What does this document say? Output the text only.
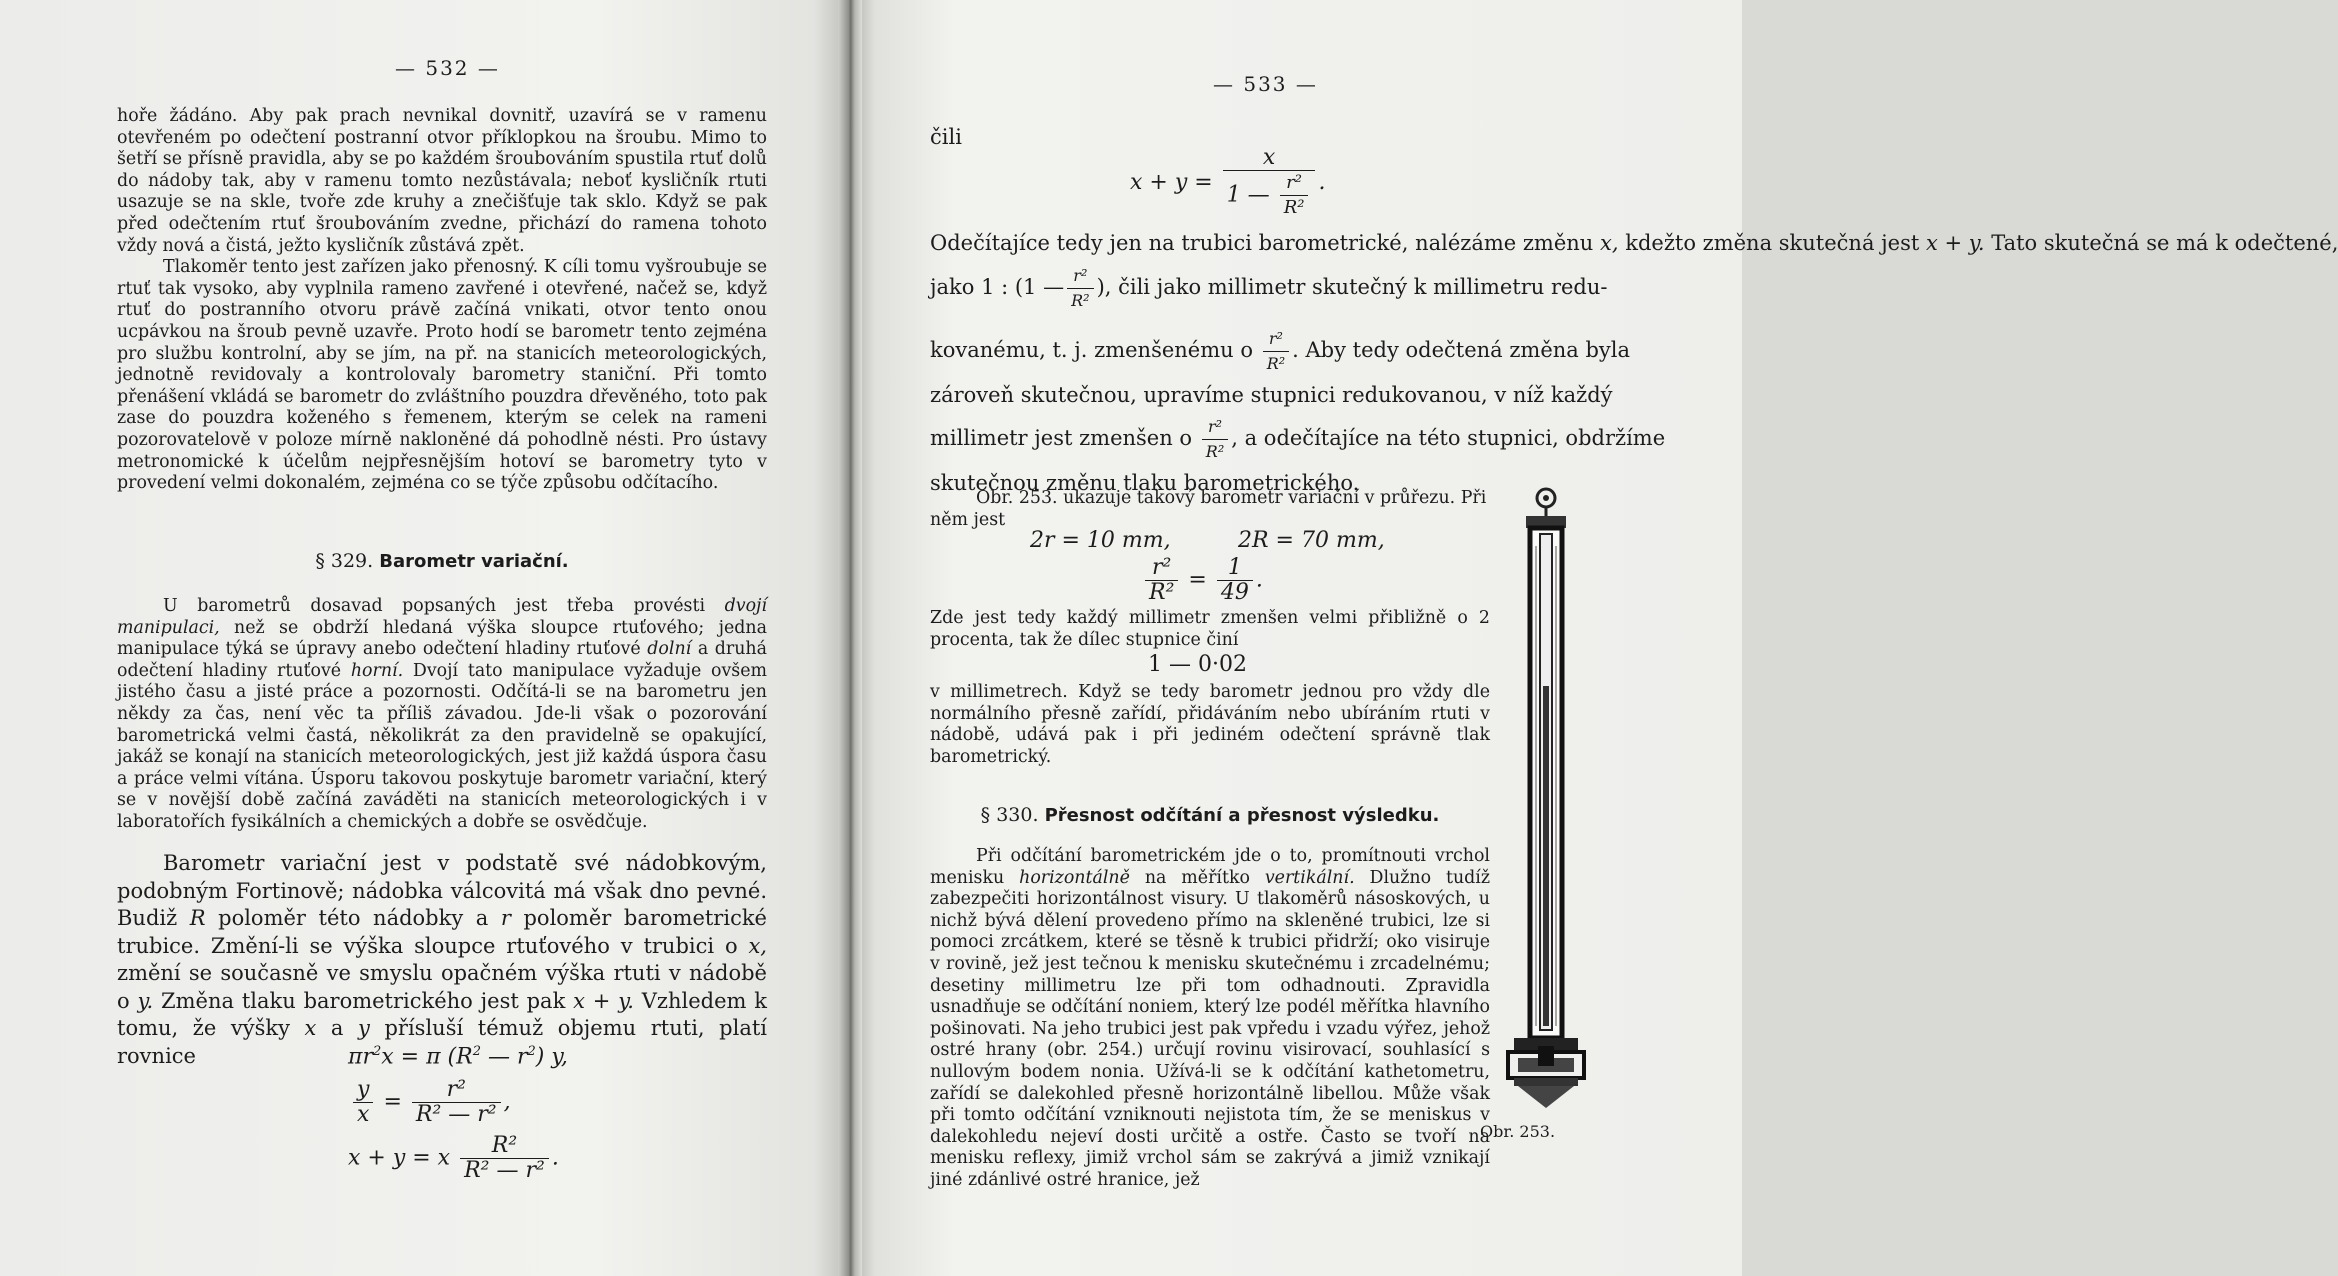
— 532 —

hoře žádáno. Aby pak prach nevnikal dovnitř, uzavírá se v ramenu otevřeném po odečtení postranní otvor příklopkou na šroubu. Mimo to šetří se přísně pravidla, aby se po každém šroubováním spustila rtuť dolů do nádoby tak, aby v ramenu tomto nezůstávala; neboť kysličník rtuti usazuje se na skle, tvoře zde kruhy a znečišťuje tak sklo. Když se pak před odečtením rtuť šroubováním zvedne, přichází do ramena tohoto vždy nová a čistá, ježto kysličník zůstává zpět.

Tlakoměr tento jest zařízen jako přenosný. K cíli tomu vyšroubuje se rtuť tak vysoko, aby vyplnila rameno zavřené i otevřené, načež se, když rtuť do postranního otvoru právě začíná vnikati, otvor tento onou ucpávkou na šroub pevně uzavře. Proto hodí se barometr tento zejména pro službu kontrolní, aby se jím, na př. na stanicích meteorologických, jednotně revidovaly a kontrolovaly barometry staniční. Při tomto přenášení vkládá se barometr do zvláštního pouzdra dřevěného, toto pak zase do pouzdra koženého s řemenem, kterým se celek na rameni pozorovatelově v poloze mírně nakloněné dá pohodlně nésti. Pro ústavy metronomické k účelům nejpřesnějším hotoví se barometry tyto v provedení velmi dokonalém, zejména co se týče způsobu odčítacího.

§ 329. Barometr variační.

U barometrů dosavad popsaných jest třeba provésti dvojí manipulaci, než se obdrží hledaná výška sloupce rtuťového; jedna manipulace týká se úpravy anebo odečtení hladiny rtuťové dolní a druhá odečtení hladiny rtuťové horní. Dvojí tato manipulace vyžaduje ovšem jistého času a jisté práce a pozornosti. Odčítá-li se na barometru jen někdy za čas, není věc ta příliš závadou. Jde-li však o pozorování barometrická velmi častá, několikrát za den pravidelně se opakující, jakáž se konají na stanicích meteorologických, jest již každá úspora času a práce velmi vítána. Úsporu takovou poskytuje barometr variační, který se v novější době začíná zaváděti na stanicích meteorologických i v laboratořích fysikálních a chemických a dobře se osvědčuje.

Barometr variační jest v podstatě své nádobkovým, podobným Fortinově; nádobka válcovitá má však dno pevné. Budiž R poloměr této nádobky a r poloměr barometrické trubice. Změní-li se výška sloupce rtuťového v trubici o x, změní se současně ve smyslu opačném výška rtuti v nádobě o y. Změna tlaku barometrického jest pak x + y. Vzhledem k tomu, že výšky x a y přísluší témuž objemu rtuti, platí rovnice	$\pi r^2x = \pi$ ($R^2$ — $r^2$) y,
$\frac{y}{x} = \frac{\text{r²}}{\text{R² — r²}}$ ,
x + y = x $\frac{\text{R²}}{\text{R² — r²}}$ .
— 533 —
čili
$x + y = \frac{x}{1 — \frac{\text{r²}}{\text{R²}}}$ .
Odečítajíce tedy jen na trubici barometrické, nalézáme změnu x, kdežto změna skutečná jest x + y. Tato skutečná se má k odečtené,
jako 1 : (1 — $\frac{\text{r²}}{\text{R²}}$ ), čili jako millimetr skutečný k millimetru redu-
kovanému, t. j. zmenšenému o $\frac{\text{r²}}{\text{R²}}$ . Aby tedy odečtená změna byla
zároveň skutečnou, upravíme stupnici redukovanou, v níž každý
millimetr jest zmenšen o $\frac{\text{r²}}{\text{R²}}$ , a odečítajíce na této stupnici, obdržíme
skutečnou změnu tlaku barometrického.

Obr. 253. ukazuje takový barometr variační v průřezu. Při

něm jest

2r = 10 mm,	2R = 70 mm,
$\frac{\text{r²}}{\text{R²}} = \frac{1}{49}$ .
Zde jest tedy každý millimetr zmenšen velmi přibližně o 2 procenta, tak že dílec stupnice činí
1 — 0·02
v millimetrech. Když se tedy barometr jednou pro vždy dle normálního přesně zařídí, přidáváním nebo ubíráním rtuti v nádobě, udává pak i při jediném odečtení správně tlak barometrický.
§ 330. Přesnost odčítání a přesnost výsledku.

Při odčítání barometrickém jde o to, promítnouti vrchol menisku horizontálně na měřítko vertikální. Dlužno tudíž zabezpečiti horizontálnost visury. U tlakoměrů násoskových, u nichž bývá dělení provedeno přímo na skleněné trubici, lze si pomoci zrcátkem, které se těsně k trubici přidrží; oko visiruje v rovině, jež jest tečnou k menisku skutečnému i zrcadelnému; desetiny millimetru lze při tom odhadnouti. Zpravidla usnadňuje se odčítání noniem, který lze podél měřítka hlavního pošinovati. Na jeho trubici jest pak vpředu i vzadu výřez, jehož ostré hrany (obr. 254.) určují rovinu visirovací, souhlasící s nullovým bodem nonia. Užívá-li se k odčítání kathetometru, zařídí se dalekohled přesně horizontálně libellou. Může však při tomto odčítání vzniknouti nejistota tím, že se meniskus v dalekohledu nejeví dosti určitě a ostře. Často se tvoří na menisku reflexy, jimiž vrchol sám se zakrývá a jimiž vznikají jiné zdánlivé ostré hranice, jež

Obr. 253.
